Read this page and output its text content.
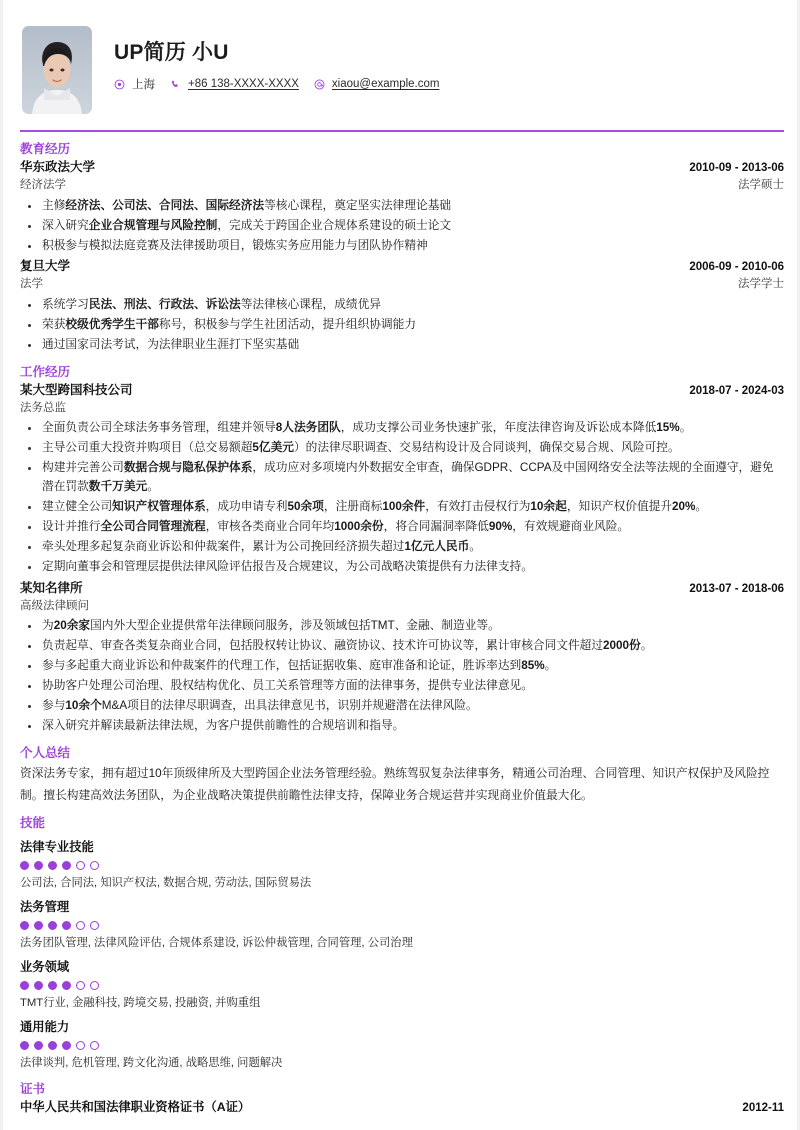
UP简历 小U
上海	+86 138-XXXX-XXXX	xiaou@example.com
教育经历
华东政法大学	2010-09 - 2013-06
经济法学	法学硕士
主修经济法、公司法、合同法、国际经济法等核心课程，奠定坚实法律理论基础
深入研究企业合规管理与风险控制，完成关于跨国企业合规体系建设的硕士论文
积极参与模拟法庭竞赛及法律援助项目，锻炼实务应用能力与团队协作精神
复旦大学	2006-09 - 2010-06
法学	法学学士
系统学习民法、刑法、行政法、诉讼法等法律核心课程，成绩优异
荣获校级优秀学生干部称号，积极参与学生社团活动，提升组织协调能力
通过国家司法考试，为法律职业生涯打下坚实基础
工作经历
某大型跨国科技公司	2018-07 - 2024-03
法务总监
全面负责公司全球法务事务管理，组建并领导8人法务团队，成功支撑公司业务快速扩张，年度法律咨询及诉讼成本降低15%。
主导公司重大投资并购项目（总交易额超5亿美元）的法律尽职调查、交易结构设计及合同谈判，确保交易合规、风险可控。
构建并完善公司数据合规与隐私保护体系，成功应对多项境内外数据安全审查，确保GDPR、CCPA及中国网络安全法等法规的全面遵守，避免潜在罚款数千万美元。
建立健全公司知识产权管理体系，成功申请专利50余项，注册商标100余件，有效打击侵权行为10余起，知识产权价值提升20%。
设计并推行全公司合同管理流程，审核各类商业合同年均1000余份，将合同漏洞率降低90%，有效规避商业风险。
牵头处理多起复杂商业诉讼和仲裁案件，累计为公司挽回经济损失超过1亿元人民币。
定期向董事会和管理层提供法律风险评估报告及合规建议，为公司战略决策提供有力法律支持。
某知名律所	2013-07 - 2018-06
高级法律顾问
为20余家国内外大型企业提供常年法律顾问服务，涉及领域包括TMT、金融、制造业等。
负责起草、审查各类复杂商业合同，包括股权转让协议、融资协议、技术许可协议等，累计审核合同文件超过2000份。
参与多起重大商业诉讼和仲裁案件的代理工作，包括证据收集、庭审准备和论证，胜诉率达到85%。
协助客户处理公司治理、股权结构优化、员工关系管理等方面的法律事务，提供专业法律意见。
参与10余个M&A项目的法律尽职调查，出具法律意见书，识别并规避潜在法律风险。
深入研究并解读最新法律法规，为客户提供前瞻性的合规培训和指导。
个人总结
资深法务专家，拥有超过10年顶级律所及大型跨国企业法务管理经验。熟练驾驭复杂法律事务，精通公司治理、合同管理、知识产权保护及风险控制。擅长构建高效法务团队，为企业战略决策提供前瞻性法律支持，保障业务合规运营并实现商业价值最大化。
技能
法律专业技能
公司法, 合同法, 知识产权法, 数据合规, 劳动法, 国际贸易法
法务管理
法务团队管理, 法律风险评估, 合规体系建设, 诉讼仲裁管理, 合同管理, 公司治理
业务领域
TMT行业, 金融科技, 跨境交易, 投融资, 并购重组
通用能力
法律谈判, 危机管理, 跨文化沟通, 战略思维, 问题解决
证书
中华人民共和国法律职业资格证书（A证）	2012-11
